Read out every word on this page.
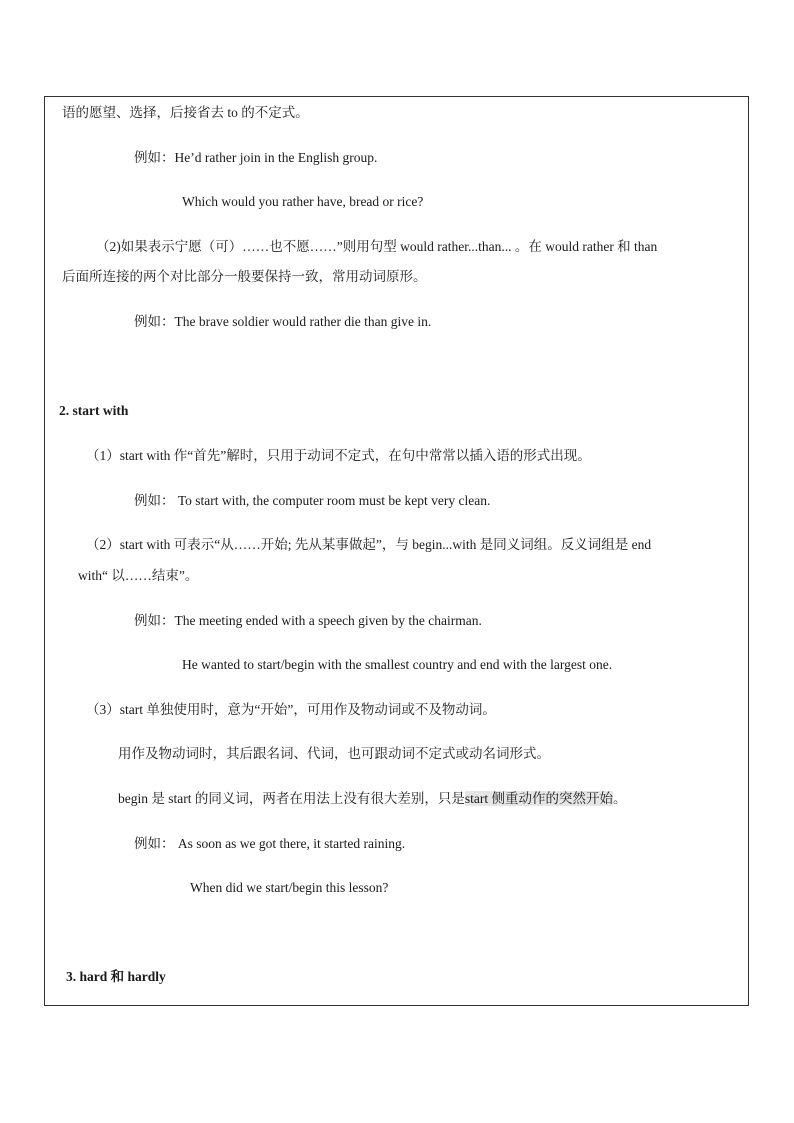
语的愿望、选择，后接省去 to 的不定式。
例如：He’d rather join in the English group.
Which would you rather have, bread or rice?
（2)如果表示宁愿（可）……也不愿……”则用句型 would rather...than... 。在 would rather 和 than
后面所连接的两个对比部分一般要保持一致，常用动词原形。
例如：The brave soldier would rather die than give in.
2. start with
（1）start with 作“首先”解时，只用于动词不定式，在句中常常以插入语的形式出现。
例如： To start with, the computer room must be kept very clean.
（2）start with 可表示“从……开始; 先从某事做起”，与 begin...with 是同义词组。反义词组是 end
with“ 以……结束”。
例如：The meeting ended with a speech given by the chairman.
He wanted to start/begin with the smallest country and end with the largest one.
（3）start 单独使用时，意为“开始”，可用作及物动词或不及物动词。
用作及物动词时，其后跟名词、代词，也可跟动词不定式或动名词形式。
begin 是 start 的同义词，两者在用法上没有很大差别，只是start 侧重动作的突然开始。
例如： As soon as we got there, it started raining.
When did we start/begin this lesson?
3. hard 和 hardly
